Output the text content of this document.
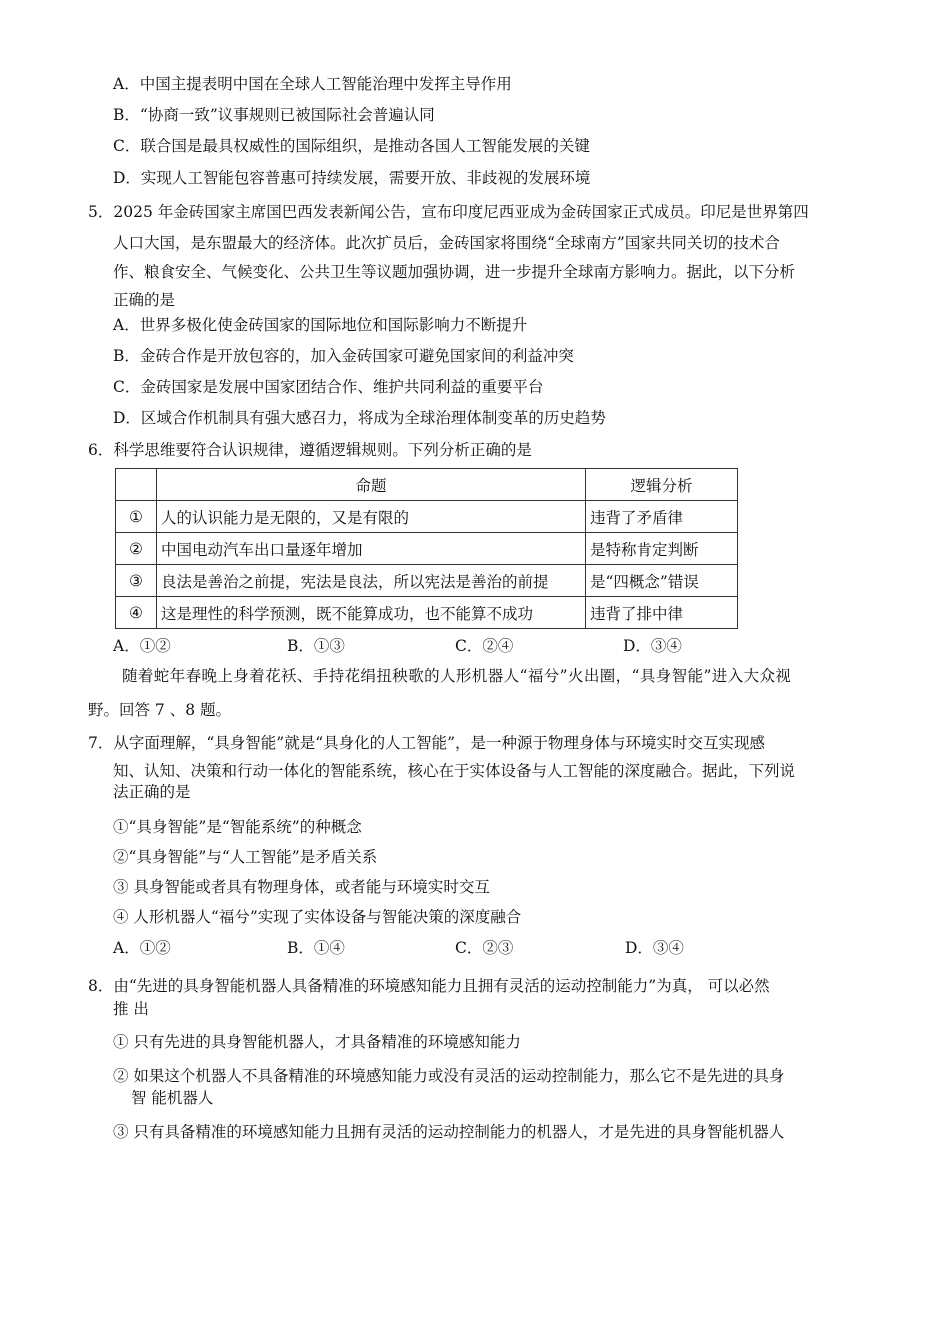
A．中国主提表明中国在全球人工智能治理中发挥主导作用
B．“协商一致”议事规则已被国际社会普遍认同
C．联合国是最具权威性的国际组织，是推动各国人工智能发展的关键
D．实现人工智能包容普惠可持续发展，需要开放、非歧视的发展环境
5．2025 年金砖国家主席国巴西发表新闻公告，宣布印度尼西亚成为金砖国家正式成员。印尼是世界第四
人口大国，是东盟最大的经济体。此次扩员后，金砖国家将围绕“全球南方”国家共同关切的技术合
作、粮食安全、气候变化、公共卫生等议题加强协调，进一步提升全球南方影响力。据此，以下分析
正确的是
A．世界多极化使金砖国家的国际地位和国际影响力不断提升
B．金砖合作是开放包容的，加入金砖国家可避免国家间的利益冲突
C．金砖国家是发展中国家团结合作、维护共同利益的重要平台
D．区域合作机制具有强大感召力，将成为全球治理体制变革的历史趋势
6．科学思维要符合认识规律，遵循逻辑规则。下列分析正确的是
	命题	逻辑分析
①	人的认识能力是无限的，又是有限的	违背了矛盾律
②	中国电动汽车出口量逐年增加	是特称肯定判断
③	良法是善治之前提，宪法是良法，所以宪法是善治的前提	是“四概念”错误
④	这是理性的科学预测，既不能算成功，也不能算不成功	违背了排中律
A．①②	B．①③	C．②④	D．③④
随着蛇年春晚上身着花袄、手持花绢扭秧歌的人形机器人“福兮”火出圈，“具身智能”进入大众视
野。回答 7 、8 题。
7．从字面理解，“具身智能”就是“具身化的人工智能”，是一种源于物理身体与环境实时交互实现感
知、认知、决策和行动一体化的智能系统，核心在于实体设备与人工智能的深度融合。据此，下列说
法正确的是
①“具身智能”是“智能系统”的种概念
②“具身智能”与“人工智能”是矛盾关系
③ 具身智能或者具有物理身体，或者能与环境实时交互
④ 人形机器人“福兮”实现了实体设备与智能决策的深度融合
A．①②	B．①④	C．②③	D．③④
8．由“先进的具身智能机器人具备精准的环境感知能力且拥有灵活的运动控制能力”为真， 可以必然
推 出
① 只有先进的具身智能机器人，才具备精准的环境感知能力
② 如果这个机器人不具备精准的环境感知能力或没有灵活的运动控制能力，那么它不是先进的具身
智 能机器人
③ 只有具备精准的环境感知能力且拥有灵活的运动控制能力的机器人，才是先进的具身智能机器人
